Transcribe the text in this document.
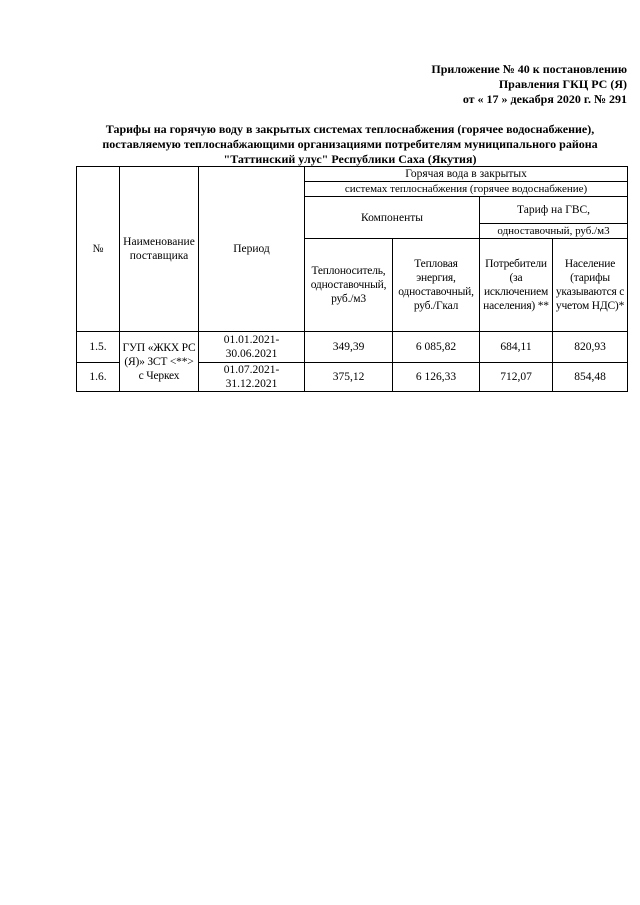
Приложение № 40 к постановлению
Правления ГКЦ РС (Я)
от « 17 » декабря 2020 г. № 291
Тарифы на горячую воду в закрытых системах теплоснабжения (горячее водоснабжение),
поставляемую теплоснабжающими организациями потребителям муниципального района
"Таттинский улус" Республики Саха (Якутия)
№	Наименование поставщика	Период	Горячая вода в закрытых			
			системах теплоснабжения (горячее водоснабжение)			
			Компоненты		Тариф на ГВС,	
					одноставочный, руб./м3	
			Теплоноситель, одноставочный, руб./м3	Тепловая энергия, одноставочный, руб./Гкал	Потребители (за исключением населения) **	Население (тарифы указываются с учетом НДС)*
1.5.	ГУП «ЖКХ РС (Я)» ЗСТ <**> с Черкех	01.01.2021-30.06.2021	349,39	6 085,82	684,11	820,93
1.6.		01.07.2021-31.12.2021	375,12	6 126,33	712,07	854,48
